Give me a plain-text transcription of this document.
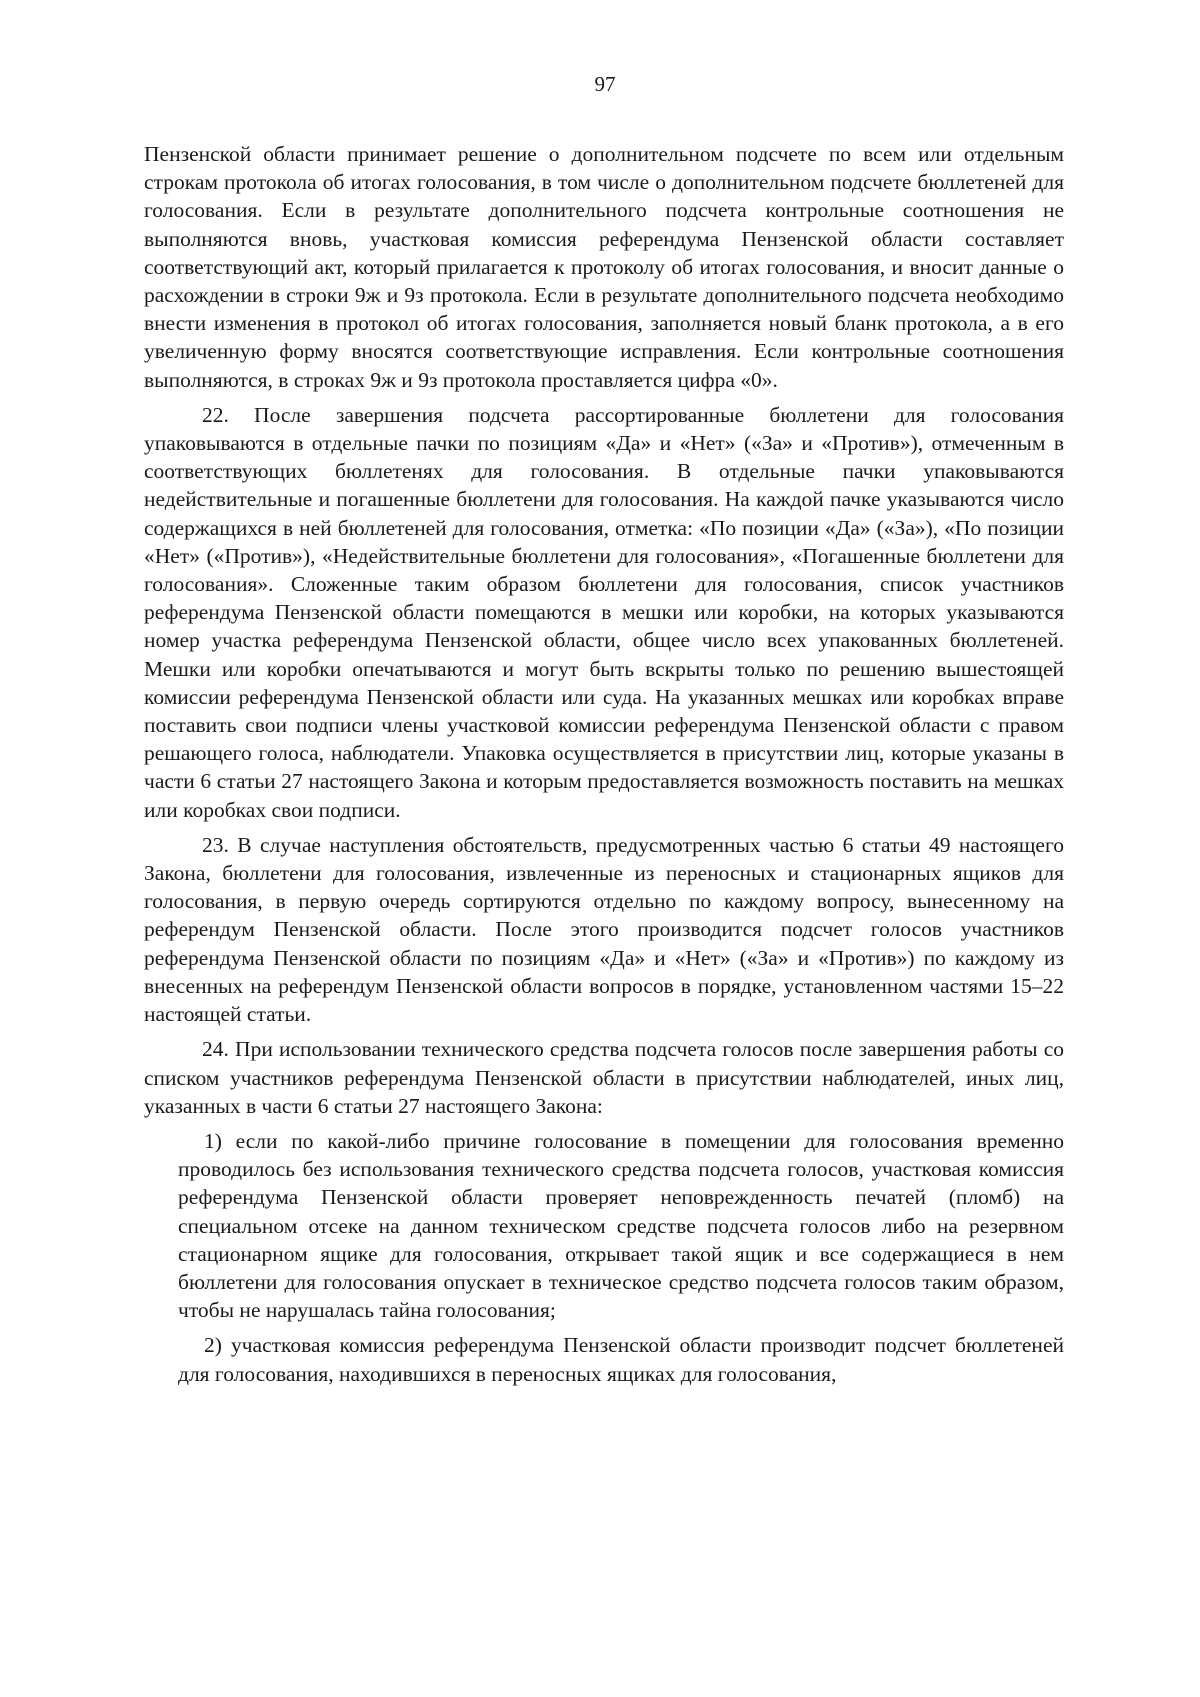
97

Пензенской области принимает решение о дополнительном подсчете по всем или отдельным строкам протокола об итогах голосования, в том числе о дополнительном подсчете бюллетеней для голосования. Если в результате дополнительного подсчета контрольные соотношения не выполняются вновь, участковая комиссия референдума Пензенской области составляет соответствующий акт, который прилагается к протоколу об итогах голосования, и вносит данные о расхождении в строки 9ж и 9з протокола. Если в результате дополнительного подсчета необходимо внести изменения в протокол об итогах голосования, заполняется новый бланк протокола, а в его увеличенную форму вносятся соответствующие исправления. Если контрольные соотношения выполняются, в строках 9ж и 9з протокола проставляется цифра «0».

22. После завершения подсчета рассортированные бюллетени для голосования упаковываются в отдельные пачки по позициям «Да» и «Нет» («За» и «Против»), отмеченным в соответствующих бюллетенях для голосования. В отдельные пачки упаковываются недействительные и погашенные бюллетени для голосования. На каждой пачке указываются число содержащихся в ней бюллетеней для голосования, отметка: «По позиции «Да» («За»), «По позиции «Нет» («Против»), «Недействительные бюллетени для голосования», «Погашенные бюллетени для голосования». Сложенные таким образом бюллетени для голосования, список участников референдума Пензенской области помещаются в мешки или коробки, на которых указываются номер участка референдума Пензенской области, общее число всех упакованных бюллетеней. Мешки или коробки опечатываются и могут быть вскрыты только по решению вышестоящей комиссии референдума Пензенской области или суда. На указанных мешках или коробках вправе поставить свои подписи члены участковой комиссии референдума Пензенской области с правом решающего голоса, наблюдатели. Упаковка осуществляется в присутствии лиц, которые указаны в части 6 статьи 27 настоящего Закона и которым предоставляется возможность поставить на мешках или коробках свои подписи.

23. В случае наступления обстоятельств, предусмотренных частью 6 статьи 49 настоящего Закона, бюллетени для голосования, извлеченные из переносных и стационарных ящиков для голосования, в первую очередь сортируются отдельно по каждому вопросу, вынесенному на референдум Пензенской области. После этого производится подсчет голосов участников референдума Пензенской области по позициям «Да» и «Нет» («За» и «Против») по каждому из внесенных на референдум Пензенской области вопросов в порядке, установленном частями 15–22 настоящей статьи.

24. При использовании технического средства подсчета голосов после завершения работы со списком участников референдума Пензенской области в присутствии наблюдателей, иных лиц, указанных в части 6 статьи 27 настоящего Закона:

1) если по какой-либо причине голосование в помещении для голосования временно проводилось без использования технического средства подсчета голосов, участковая комиссия референдума Пензенской области проверяет неповрежденность печатей (пломб) на специальном отсеке на данном техническом средстве подсчета голосов либо на резервном стационарном ящике для голосования, открывает такой ящик и все содержащиеся в нем бюллетени для голосования опускает в техническое средство подсчета голосов таким образом, чтобы не нарушалась тайна голосования;

2) участковая комиссия референдума Пензенской области производит подсчет бюллетеней для голосования, находившихся в переносных ящиках для голосования,
